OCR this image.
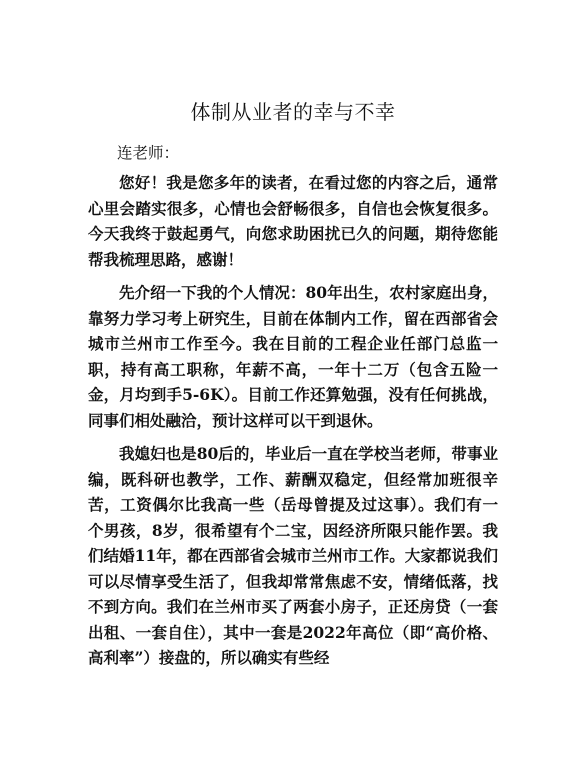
体制从业者的幸与不幸
连老师：

您好！我是您多年的读者，在看过您的内容之后，通常心里会踏实很多，心情也会舒畅很多，自信也会恢复很多。今天我终于鼓起勇气，向您求助困扰已久的问题，期待您能帮我梳理思路，感谢！

先介绍一下我的个人情况：80年出生，农村家庭出身，靠努力学习考上研究生，目前在体制内工作，留在西部省会城市兰州市工作至今。我在目前的工程企业任部门总监一职，持有高工职称，年薪不高，一年十二万（包含五险一金，月均到手5-6K）。目前工作还算勉强，没有任何挑战，同事们相处融洽，预计这样可以干到退休。

我媳妇也是80后的，毕业后一直在学校当老师，带事业编，既科研也教学，工作、薪酬双稳定，但经常加班很辛苦，工资偶尔比我高一些（岳母曾提及过这事）。我们有一个男孩，8岁，很希望有个二宝，因经济所限只能作罢。我们结婚11年，都在西部省会城市兰州市工作。大家都说我们可以尽情享受生活了，但我却常常焦虑不安，情绪低落，找不到方向。我们在兰州市买了两套小房子，正还房贷（一套出租、一套自住），其中一套是2022年高位（即“高价格、高利率”）接盘的，所以确实有些经
